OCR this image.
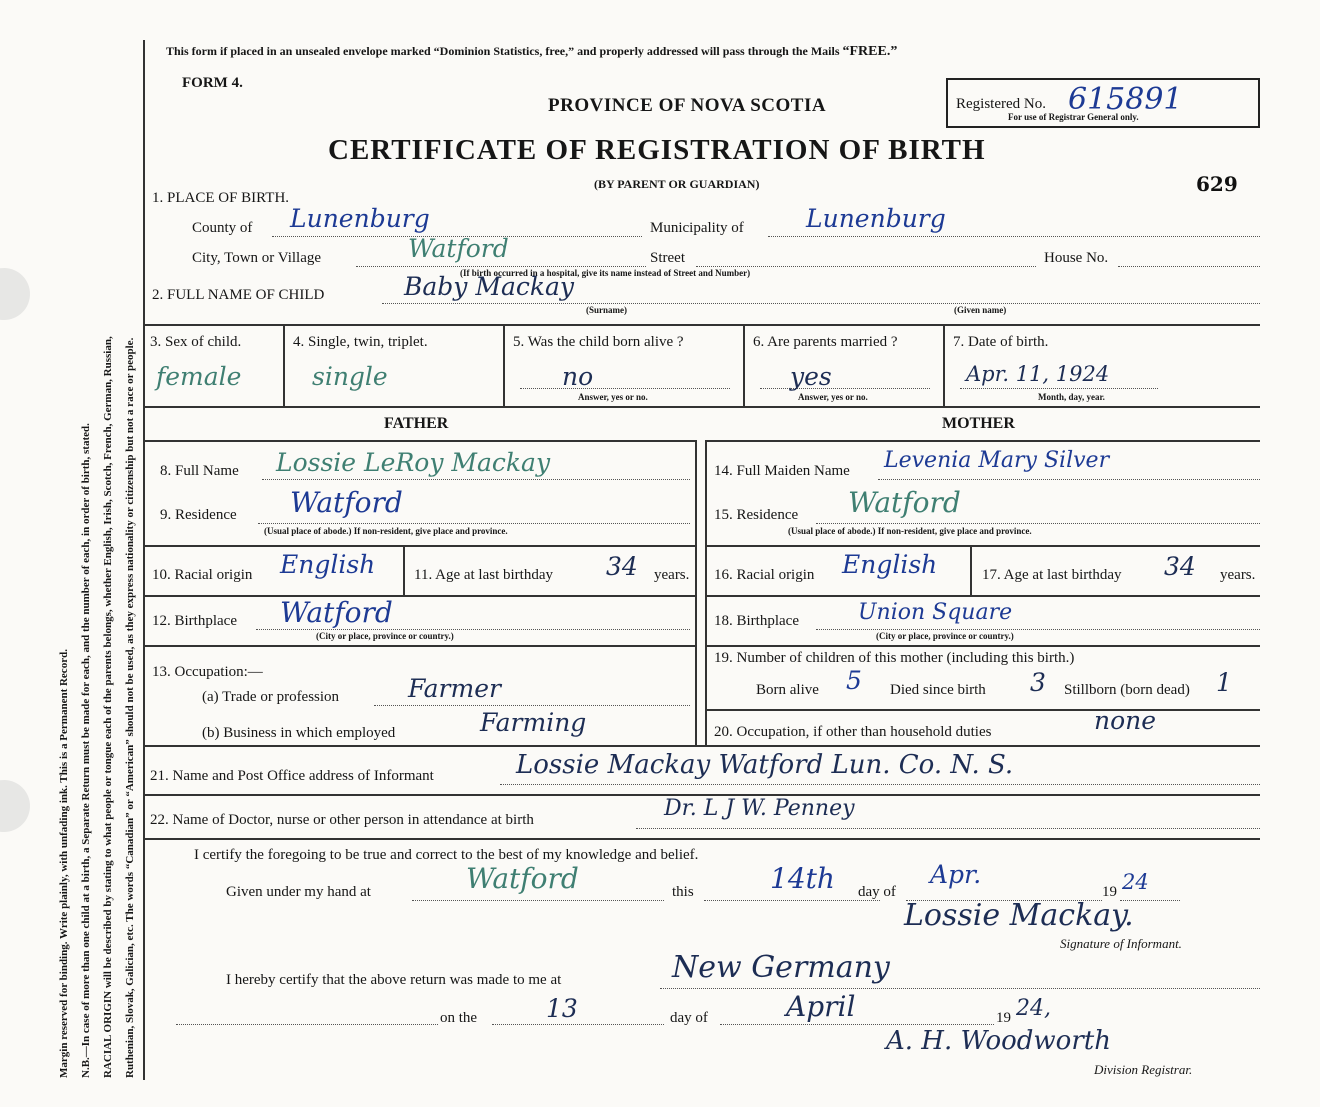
Margin reserved for binding. Write plainly, with unfading ink. This is a Permanent Record. N.B.—In case of more than one child at a birth, a Separate Return must be made for each, and the number of each, in order of birth, stated. RACIAL ORIGIN will be described by stating to what people or tongue each of the parents belongs, whether English, Irish, Scotch, French, German, Russian, Ruthenian, Slovak, Galician, etc. The words “Canadian” or “American” should not be used, as they express nationality or citizenship but not a race or people.
This form if placed in an unsealed envelope marked “Dominion Statistics, free,” and properly addressed will pass through the Mails “FREE.”
FORM 4.
PROVINCE OF NOVA SCOTIA	Registered No. 615891
For use of Registrar General only.
CERTIFICATE OF REGISTRATION OF BIRTH
(BY PARENT OR GUARDIAN)	629
1. PLACE OF BIRTH.
County of Lunenburg	Municipality of Lunenburg
City, Town or Village	Watford	Street	House No.
(If birth occurred in a hospital, give its name instead of Street and Number)
2. FULL NAME OF CHILD	Baby Mackay
(Surname)	(Given name)
3. Sex of child.
female
4. Single, twin, triplet.
single
5. Was the child born alive ?
no
Answer, yes or no.
6. Are parents married ?
yes
Answer, yes or no.
7. Date of birth.
Apr. 11, 1924
Month, day, year.
FATHER
8. Full Name Lossie LeRoy Mackay
9. Residence Watford
(Usual place of abode.) If non-resident, give place and province.
10. Racial origin English	11. Age at last birthday 34 years.
12. Birthplace Watford
(City or place, province or country.)
13. Occupation:—
(a) Trade or profession	Farmer
(b) Business in which employed	Farming
MOTHER
14. Full Maiden Name Levenia Mary Silver
15. Residence Watford
(Usual place of abode.) If non-resident, give place and province.
16. Racial origin English	17. Age at last birthday 34 years.
18. Birthplace	Union Square
(City or place, province or country.)
19. Number of children of this mother (including this birth.)
Born alive 5 Died since birth 3 Stillborn (born dead) 1
20. Occupation, if other than household duties	none
21. Name and Post Office address of Informant	Lossie Mackay Watford Lun. Co. N. S.
22. Name of Doctor, nurse or other person in attendance at birth	Dr. L J W. Penney
I certify the foregoing to be true and correct to the best of my knowledge and belief.
Given under my hand at	Watford	this	14th day of
Apr.
19 24
Lossie Mackay.
Signature of Informant.
I hereby certify that the above return was made to me at	New Germany
on the	13	day of	April	19 24,
A. H. Woodworth
Division Registrar.
